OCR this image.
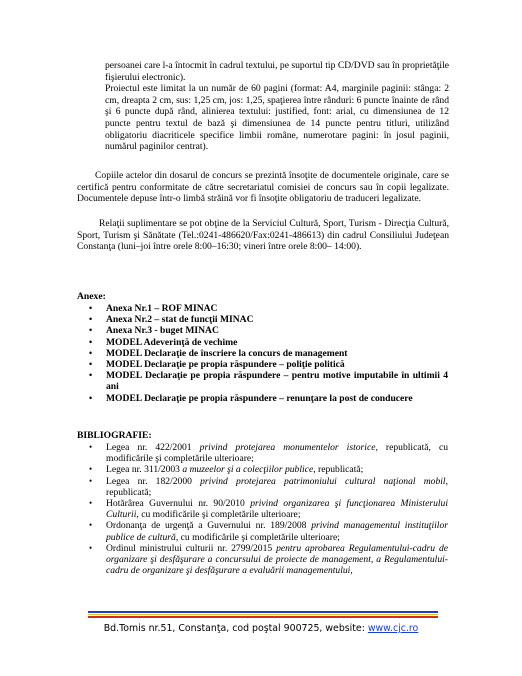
persoanei care l-a întocmit în cadrul textului, pe suportul tip CD/DVD sau în proprietăţile fişierului electronic).
Proiectul este limitat la un număr de 60 pagini (format: A4, marginile paginii: stânga: 2 cm, dreapta 2 cm, sus: 1,25 cm, jos: 1,25, spaţierea între rânduri: 6 puncte înainte de rând şi 6 puncte după rând, alinierea textului: justified, font: arial, cu dimensiunea de 12 puncte pentru textul de bază şi dimensiunea de 14 puncte pentru titluri, utilizând obligatoriu diacriticele specifice limbii române, numerotare pagini: în josul paginii, numărul paginilor centrat).
Copiile actelor din dosarul de concurs se prezintă însoţite de documentele originale, care se certifică pentru conformitate de către secretariatul comisiei de concurs sau în copii legalizate. Documentele depuse într-o limbă străină vor fi însoţite obligatoriu de traduceri legalizate.
Relaţii suplimentare se pot obţine de la Serviciul Cultură, Sport, Turism - Direcţia Cultură, Sport, Turism şi Sănătate (Tel.:0241-486620/Fax:0241-486613) din cadrul Consiliului Judeţean Constanţa (luni–joi între orele 8:00–16:30; vineri între orele 8:00– 14:00).
Anexe:
• Anexa Nr.1 – ROF MINAC
• Anexa Nr.2 – stat de funcţii MINAC
• Anexa Nr.3 - buget MINAC
• MODEL Adeverinţă de vechime
• MODEL Declaraţie de înscriere la concurs de management
• MODEL Declaraţie pe propia răspundere – poliţie politică
• MODEL Declaraţie pe propia răspundere – pentru motive imputabile în ultimii 4 ani
• MODEL Declaraţie pe propia răspundere – renunţare la post de conducere
BIBLIOGRAFIE:
• Legea nr. 422/2001 privind protejarea monumentelor istorice, republicată, cu modificările şi completările ulterioare;
• Legea nr. 311/2003 a muzeelor şi a colecţiilor publice, republicată;
• Legea nr. 182/2000 privind protejarea patrimoniului cultural naţional mobil, republicată;
• Hotărârea Guvernului nr. 90/2010 privind organizarea şi funcţionarea Ministerului Culturii, cu modificările şi completările ulterioare;
• Ordonanţa de urgenţă a Guvernului nr. 189/2008 privind managementul instituţiilor publice de cultură, cu modificările şi completările ulterioare;
• Ordinul ministrului culturii nr. 2799/2015 pentru aprobarea Regulamentului-cadru de organizare şi desfăşurare a concursului de proiecte de management, a Regulamentului-cadru de organizare şi desfăşurare a evaluării managementului,
Bd.Tomis nr.51, Constanţa, cod poştal 900725, website: www.cjc.ro
